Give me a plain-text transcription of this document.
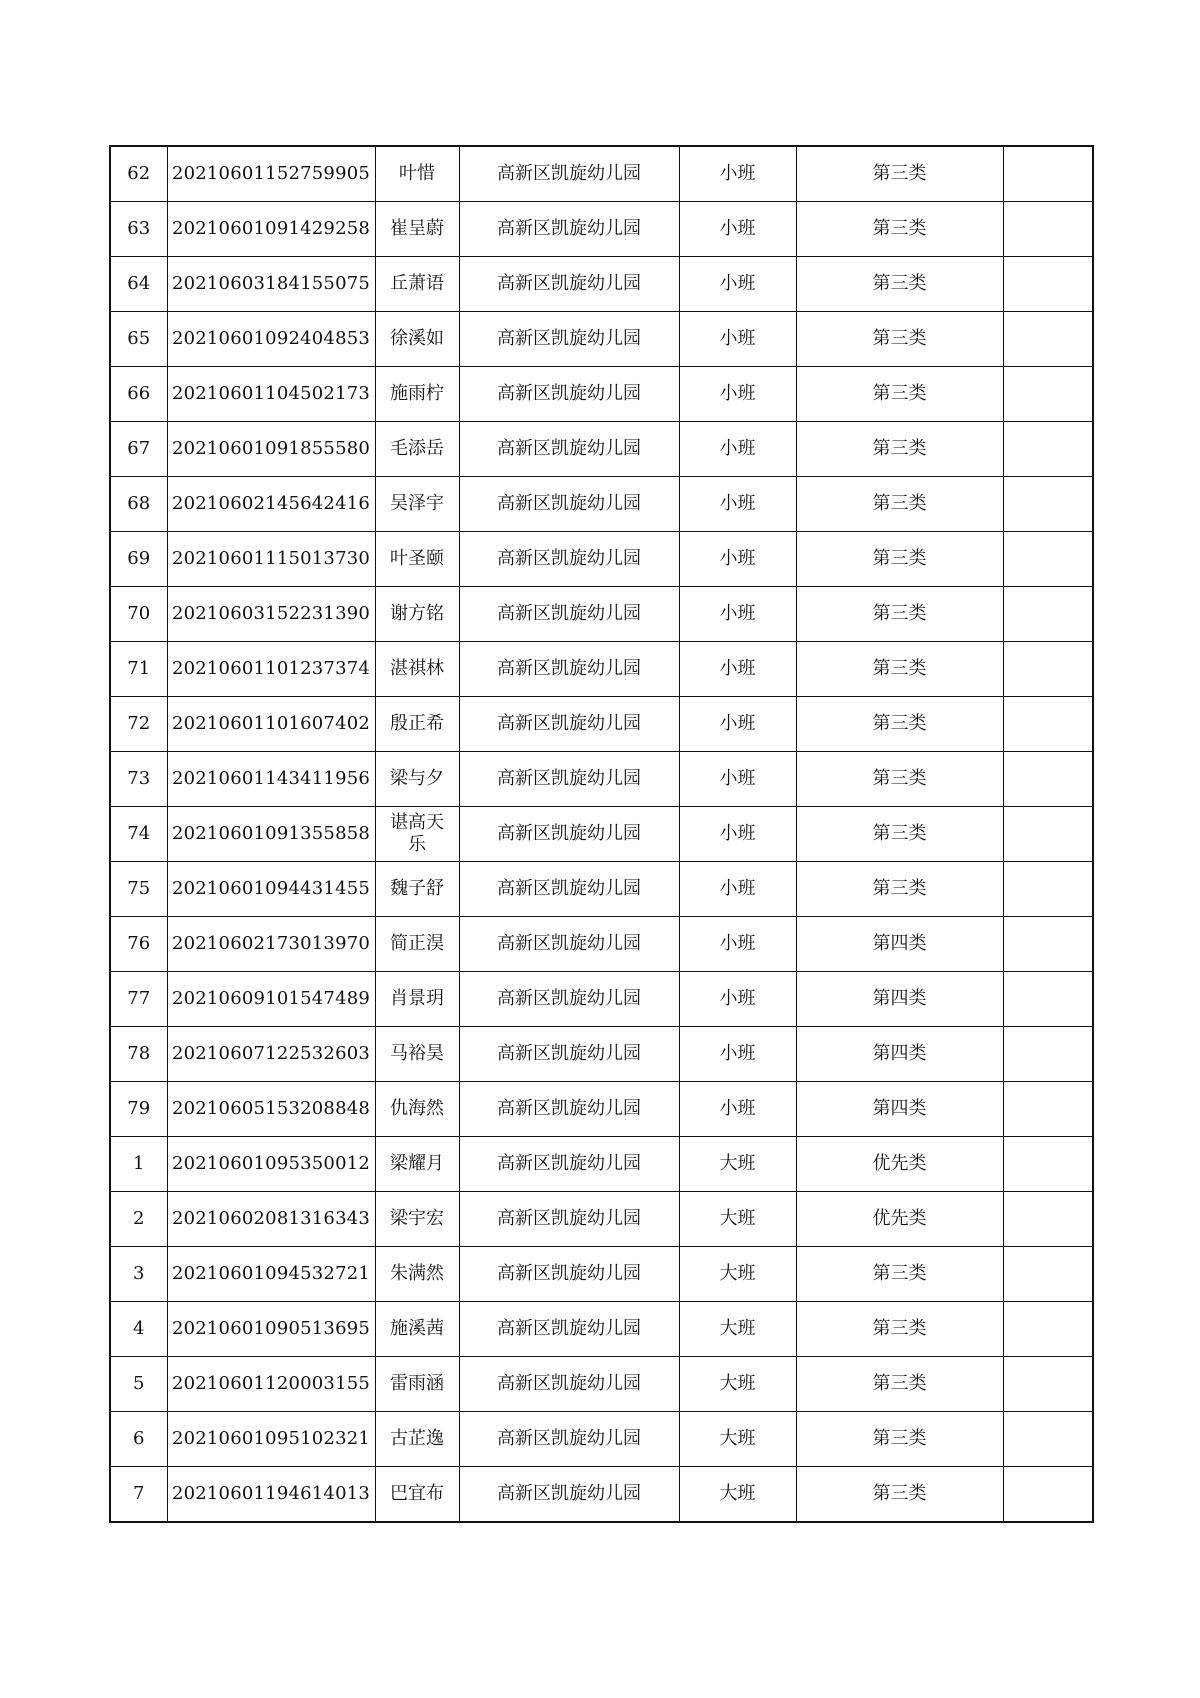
62	20210601152759905	叶惜	高新区凯旋幼儿园	小班	第三类	
63	20210601091429258	崔呈蔚	高新区凯旋幼儿园	小班	第三类	
64	20210603184155075	丘萧语	高新区凯旋幼儿园	小班	第三类	
65	20210601092404853	徐溪如	高新区凯旋幼儿园	小班	第三类	
66	20210601104502173	施雨柠	高新区凯旋幼儿园	小班	第三类	
67	20210601091855580	毛添岳	高新区凯旋幼儿园	小班	第三类	
68	20210602145642416	吴泽宇	高新区凯旋幼儿园	小班	第三类	
69	20210601115013730	叶圣颐	高新区凯旋幼儿园	小班	第三类	
70	20210603152231390	谢方铭	高新区凯旋幼儿园	小班	第三类	
71	20210601101237374	湛祺林	高新区凯旋幼儿园	小班	第三类	
72	20210601101607402	殷正希	高新区凯旋幼儿园	小班	第三类	
73	20210601143411956	梁与夕	高新区凯旋幼儿园	小班	第三类	
74	20210601091355858	谌高天乐	高新区凯旋幼儿园	小班	第三类	
75	20210601094431455	魏子舒	高新区凯旋幼儿园	小班	第三类	
76	20210602173013970	简正淏	高新区凯旋幼儿园	小班	第四类	
77	20210609101547489	肖景玥	高新区凯旋幼儿园	小班	第四类	
78	20210607122532603	马裕昊	高新区凯旋幼儿园	小班	第四类	
79	20210605153208848	仇海然	高新区凯旋幼儿园	小班	第四类	
1	20210601095350012	梁耀月	高新区凯旋幼儿园	大班	优先类	
2	20210602081316343	梁宇宏	高新区凯旋幼儿园	大班	优先类	
3	20210601094532721	朱满然	高新区凯旋幼儿园	大班	第三类	
4	20210601090513695	施溪茜	高新区凯旋幼儿园	大班	第三类	
5	20210601120003155	雷雨涵	高新区凯旋幼儿园	大班	第三类	
6	20210601095102321	古芷逸	高新区凯旋幼儿园	大班	第三类	
7	20210601194614013	巴宜布	高新区凯旋幼儿园	大班	第三类	
